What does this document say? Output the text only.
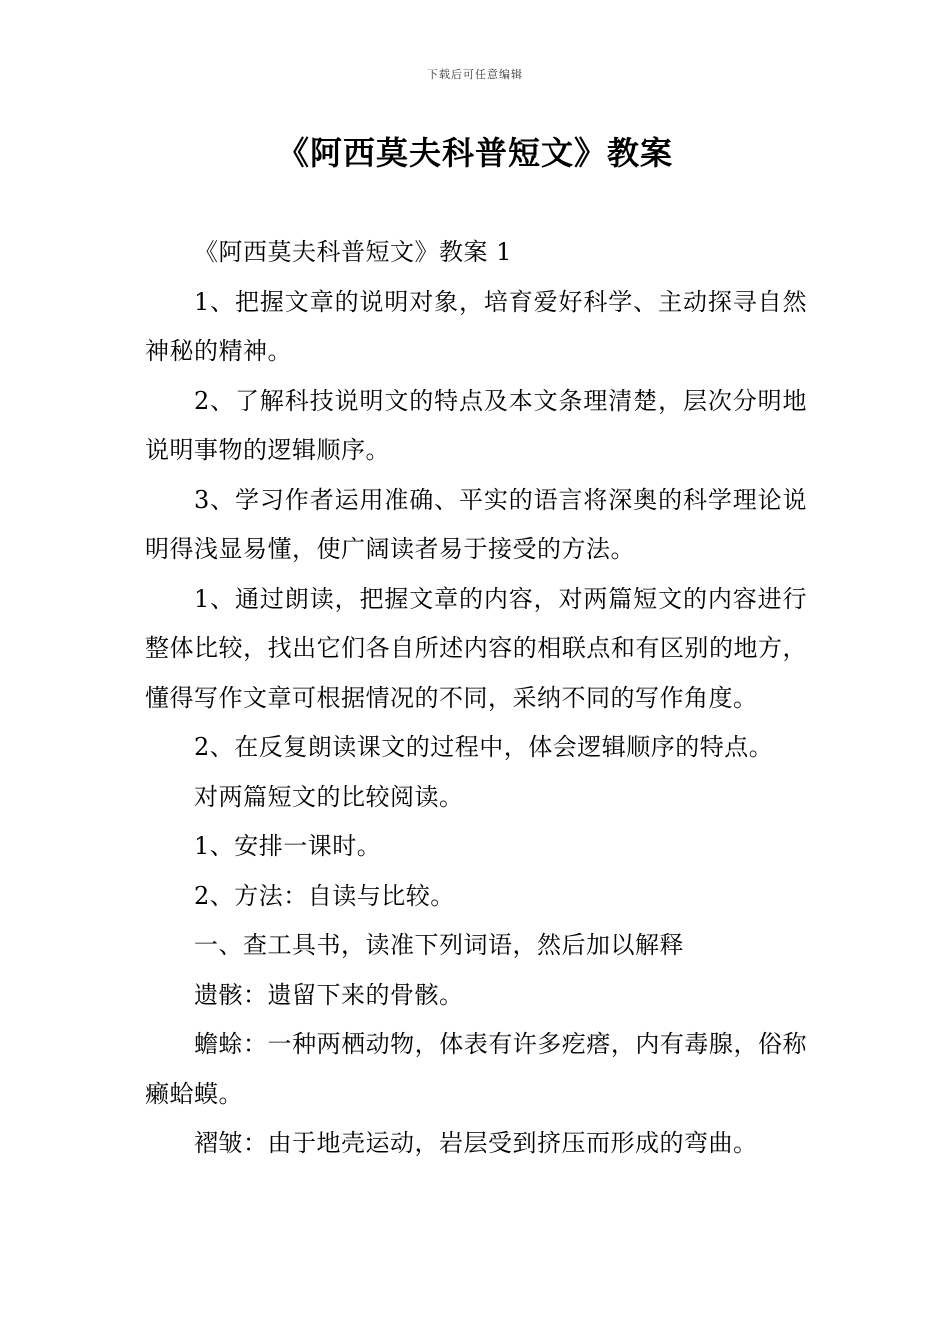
下载后可任意编辑
《阿西莫夫科普短文》教案

《阿西莫夫科普短文》教案 1

1、把握文章的说明对象，培育爱好科学、主动探寻自然神秘的精神。

2、了解科技说明文的特点及本文条理清楚，层次分明地说明事物的逻辑顺序。

3、学习作者运用准确、平实的语言将深奥的科学理论说明得浅显易懂，使广阔读者易于接受的方法。

1、通过朗读，把握文章的内容，对两篇短文的内容进行整体比较，找出它们各自所述内容的相联点和有区别的地方，懂得写作文章可根据情况的不同，采纳不同的写作角度。

2、在反复朗读课文的过程中，体会逻辑顺序的特点。

对两篇短文的比较阅读。

1、安排一课时。

2、方法：自读与比较。

一、查工具书，读准下列词语，然后加以解释

遗骸：遗留下来的骨骸。

蟾蜍：一种两栖动物，体表有许多疙瘩，内有毒腺，俗称癞蛤蟆。

褶皱：由于地壳运动，岩层受到挤压而形成的弯曲。
